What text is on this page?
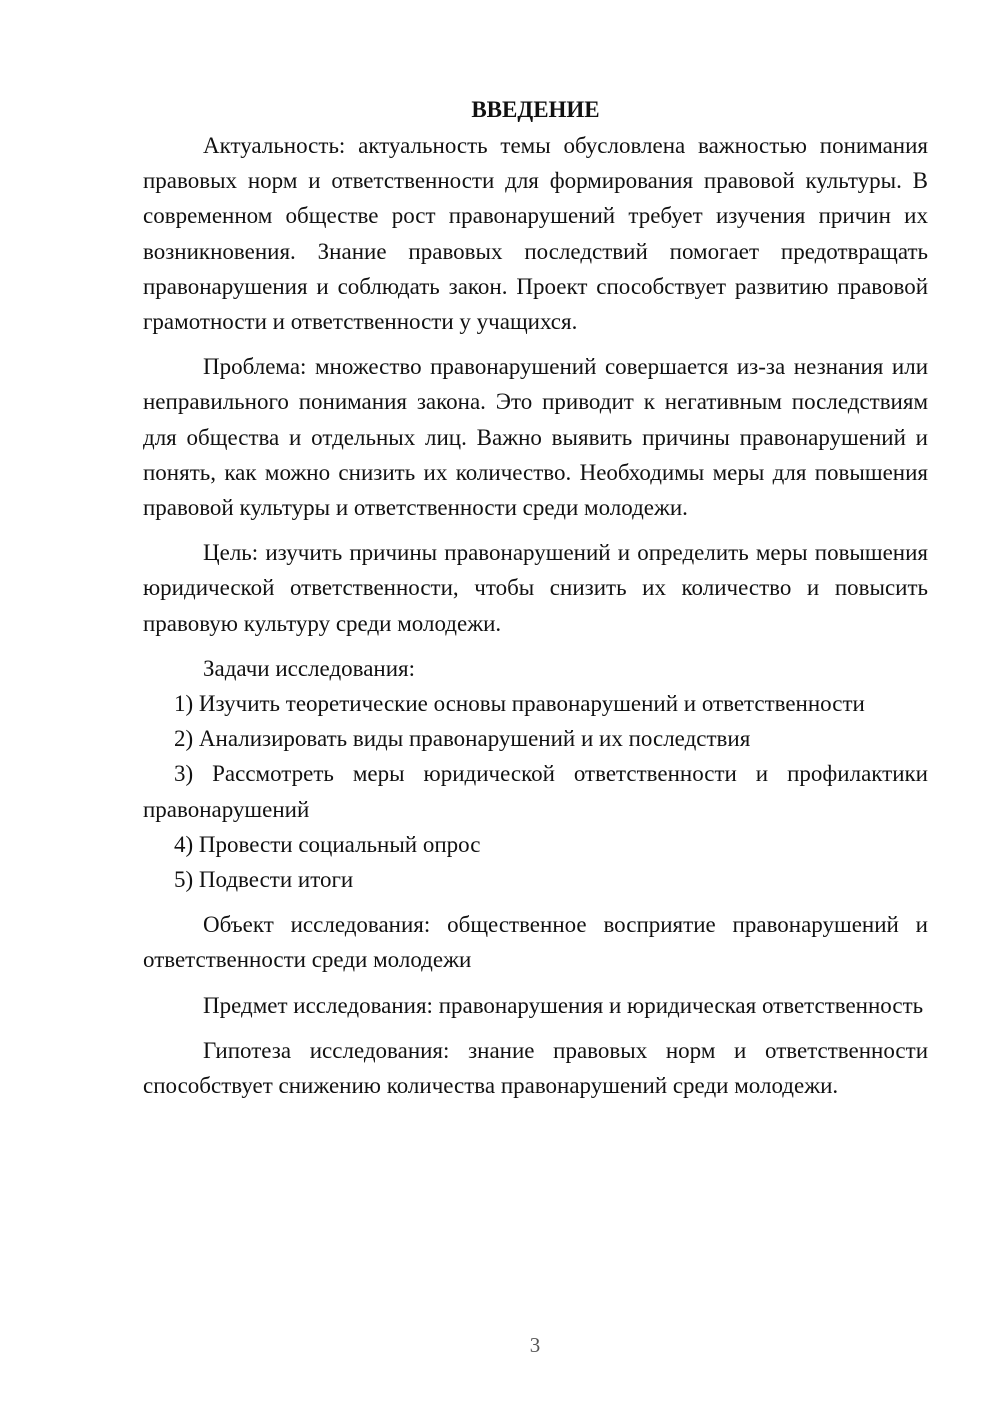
ВВЕДЕНИЕ

Актуальность: актуальность темы обусловлена важностью понимания правовых норм и ответственности для формирования правовой культуры. В современном обществе рост правонарушений требует изучения причин их возникновения. Знание правовых последствий помогает предотвращать правонарушения и соблюдать закон. Проект способствует развитию правовой грамотности и ответственности у учащихся.

Проблема: множество правонарушений совершается из-за незнания или неправильного понимания закона. Это приводит к негативным последствиям для общества и отдельных лиц. Важно выявить причины правонарушений и понять, как можно снизить их количество. Необходимы меры для повышения правовой культуры и ответственности среди молодежи.

Цель: изучить причины правонарушений и определить меры повышения юридической ответственности, чтобы снизить их количество и повысить правовую культуру среди молодежи.

Задачи исследования:

1) Изучить теоретические основы правонарушений и ответственности

2) Анализировать виды правонарушений и их последствия

3) Рассмотреть меры юридической ответственности и профилактики правонарушений

4) Провести социальный опрос

5) Подвести итоги

Объект исследования: общественное восприятие правонарушений и ответственности среди молодежи

Предмет исследования: правонарушения и юридическая ответственность

Гипотеза исследования: знание правовых норм и ответственности способствует снижению количества правонарушений среди молодежи.

3
